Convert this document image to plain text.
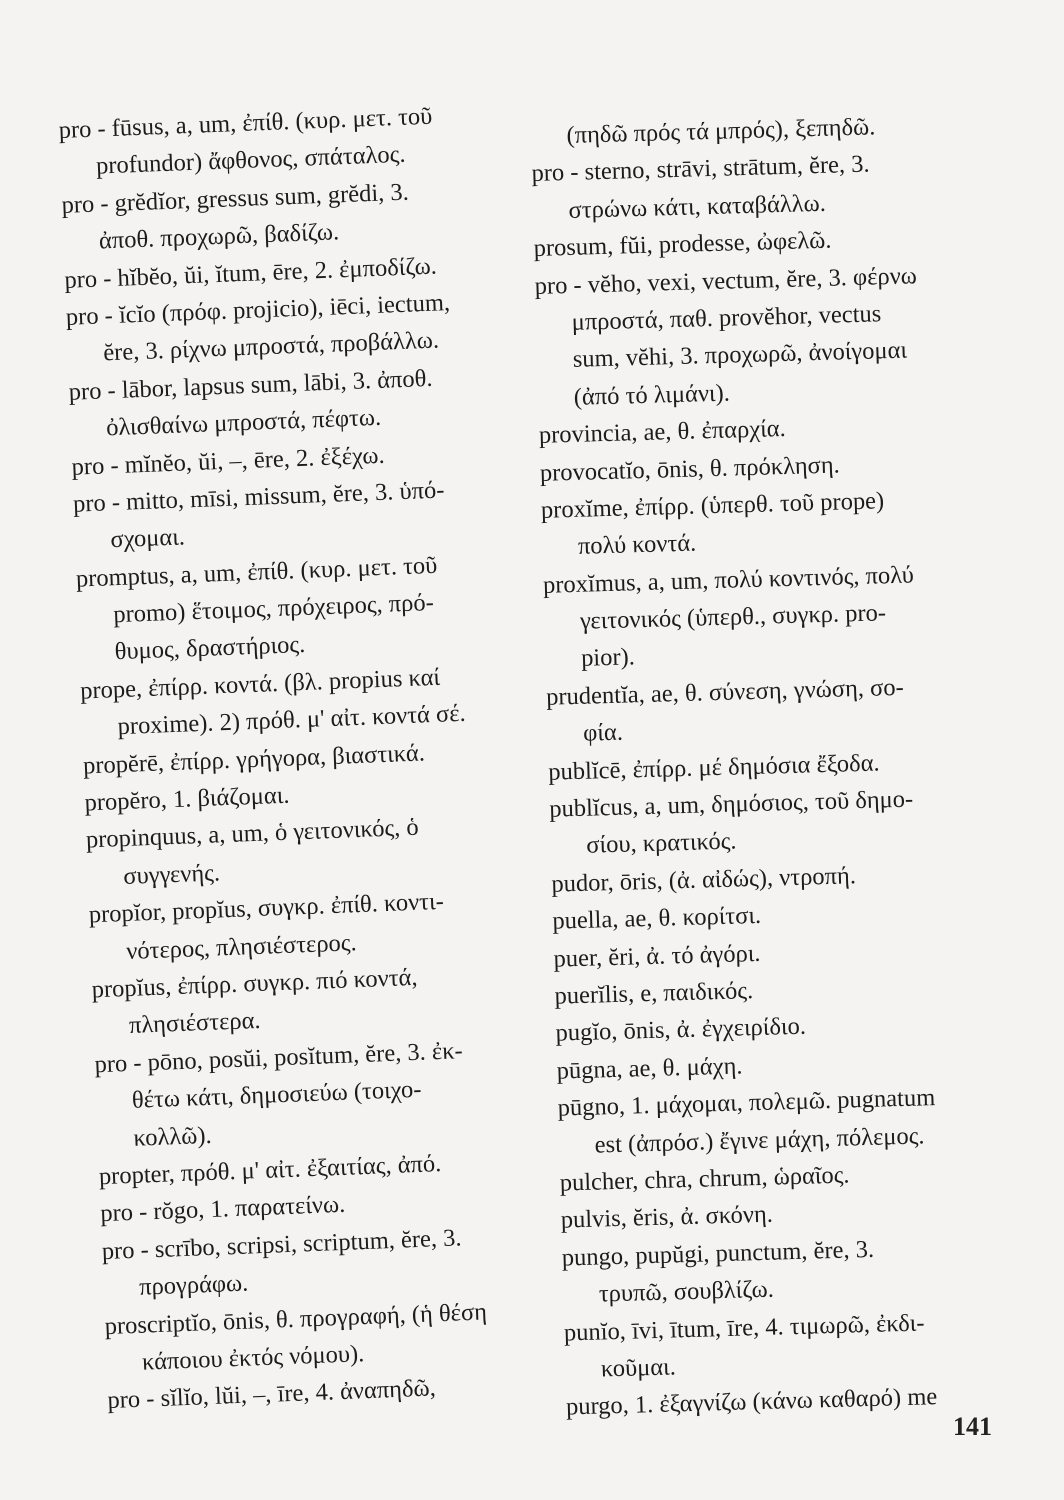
pro - fūsus, a, um, ἐπίθ. (κυρ. μετ. τοῦ
profundor) ἄφθονος, σπάταλος.
pro - grĕdĭor, gressus sum, grĕdi, 3.
ἀποθ. προχωρῶ, βαδίζω.
pro - hĭbĕo, ŭi, ĭtum, ēre, 2. ἐμποδίζω.
pro - ĭcĭo (πρόφ. projicio), iēci, iectum,
ĕre, 3. ρίχνω μπροστά, προβάλλω.
pro - lābor, lapsus sum, lābi, 3. ἀποθ.
ὀλισθαίνω μπροστά, πέφτω.
pro - mĭnĕo, ŭi, –, ēre, 2. ἐξέχω.
pro - mitto, mīsi, missum, ĕre, 3. ὑπό-
σχομαι.
promptus, a, um, ἐπίθ. (κυρ. μετ. τοῦ
promo) ἕτοιμος, πρόχειρος, πρό-
θυμος, δραστήριος.
prope, ἐπίρρ. κοντά. (βλ. propius καί
proxime). 2) πρόθ. μ' αἰτ. κοντά σέ.
propĕrē, ἐπίρρ. γρήγορα, βιαστικά.
propĕro, 1. βιάζομαι.
propinquus, a, um, ὁ γειτονικός, ὁ
συγγενής.
propĭor, propĭus, συγκρ. ἐπίθ. κοντι-
νότερος, πλησιέστερος.
propĭus, ἐπίρρ. συγκρ. πιό κοντά,
πλησιέστερα.
pro - pōno, posŭi, posĭtum, ĕre, 3. ἐκ-
θέτω κάτι, δημοσιεύω (τοιχο-
κολλῶ).
propter, πρόθ. μ' αἰτ. ἐξαιτίας, ἀπό.
pro - rŏgo, 1. παρατείνω.
pro - scrībo, scripsi, scriptum, ĕre, 3.
προγράφω.
proscriptĭo, ōnis, θ. προγραφή, (ἡ θέση
κάποιου ἐκτός νόμου).
pro - sĭlĭo, lŭi, –, īre, 4. ἀναπηδῶ,
(πηδῶ πρός τά μπρός), ξεπηδῶ.
pro - sterno, strāvi, strātum, ĕre, 3.
στρώνω κάτι, καταβάλλω.
prosum, fŭi, prodesse, ὠφελῶ.
pro - vĕho, vexi, vectum, ĕre, 3. φέρνω
μπροστά, παθ. provĕhor, vectus
sum, vĕhi, 3. προχωρῶ, ἀνοίγομαι
(ἀπό τό λιμάνι).
provincia, ae, θ. ἐπαρχία.
provocatĭo, ōnis, θ. πρόκληση.
proxĭme, ἐπίρρ. (ὑπερθ. τοῦ prope)
πολύ κοντά.
proxĭmus, a, um, πολύ κοντινός, πολύ
γειτονικός (ὑπερθ., συγκρ. pro-
pior).
prudentĭa, ae, θ. σύνεση, γνώση, σο-
φία.
publĭcē, ἐπίρρ. μέ δημόσια ἔξοδα.
publĭcus, a, um, δημόσιος, τοῦ δημο-
σίου, κρατικός.
pudor, ōris, (ἀ. αἰδώς), ντροπή.
puella, ae, θ. κορίτσι.
puer, ĕri, ἀ. τό ἀγόρι.
puerĭlis, e, παιδικός.
pugĭo, ōnis, ἀ. ἐγχειρίδιο.
pūgna, ae, θ. μάχη.
pūgno, 1. μάχομαι, πολεμῶ. pugnatum
est (ἀπρόσ.) ἔγινε μάχη, πόλεμος.
pulcher, chra, chrum, ὡραῖος.
pulvis, ĕris, ἀ. σκόνη.
pungo, pupŭgi, punctum, ĕre, 3.
τρυπῶ, σουβλίζω.
punĭo, īvi, ītum, īre, 4. τιμωρῶ, ἐκδι-
κοῦμαι.
purgo, 1. ἐξαγνίζω (κάνω καθαρό) me
141
